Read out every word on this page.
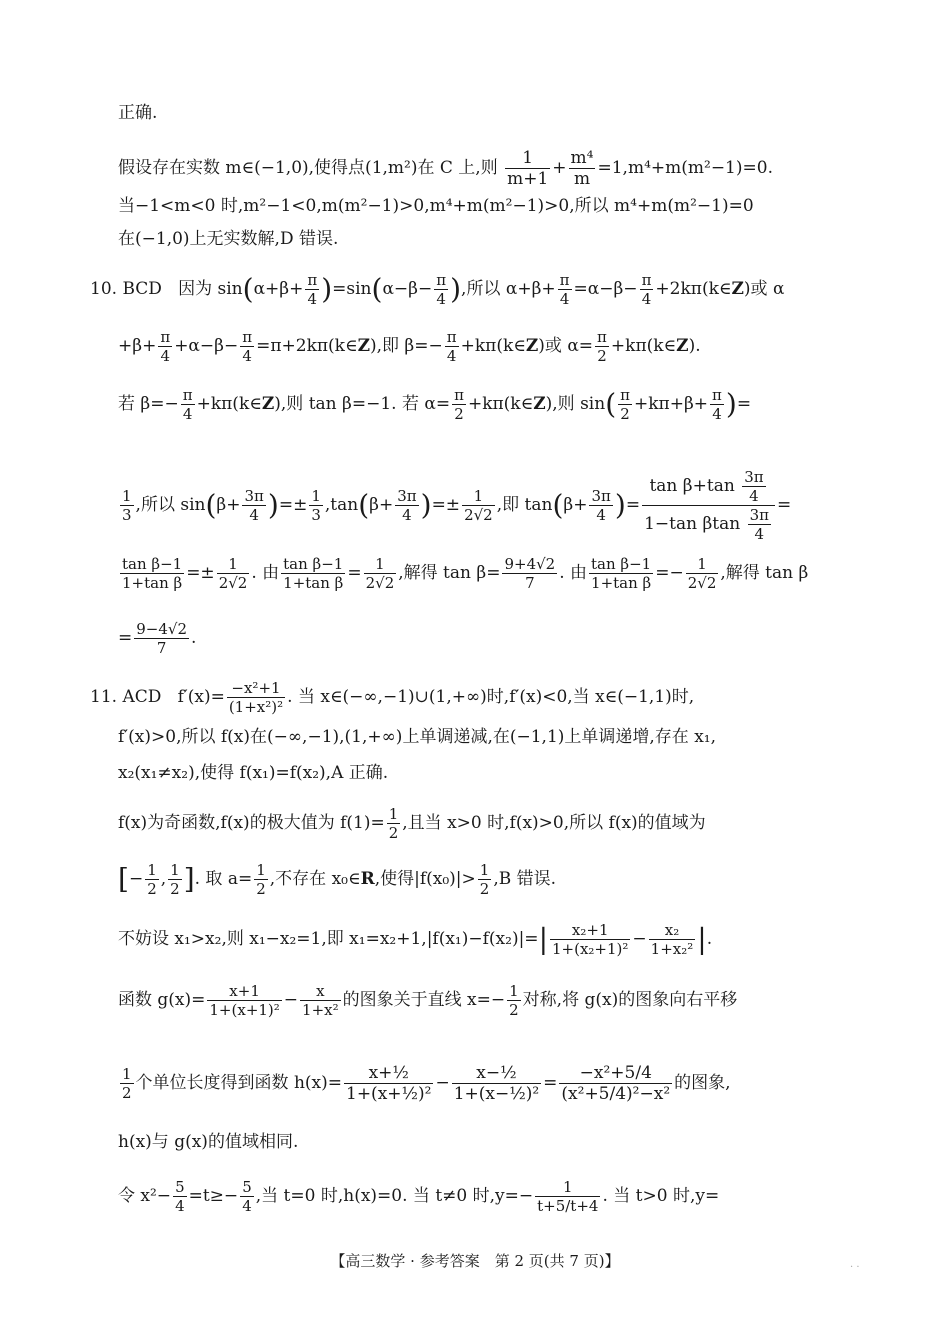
正确.
假设存在实数 m∈(−1,0),使得点(1,m²)在 C 上,则 $\frac{1}{m+1} + \frac{\text{m⁴}}{m} =1,m^4+m(m^2-1)=0$.
当−1<m<0 时,m²−1<0,m(m²−1)>0,m⁴+m(m²−1)>0,所以 m⁴+m(m²−1)=0
在(−1,0)上无实数解,D 错误.
10. BCD 因为 $\sin(\alpha+\beta+ \frac{\pi}{4} )=\sin(\alpha-\beta- \frac{\pi}{4}$ ),所以 $\alpha+\beta+ \frac{\pi}{4} =\alpha-\beta- \frac{\pi}{4}$ +2kπ(k∈Z)或 α
$+\beta+ \frac{\pi}{4} +\alpha-\beta- \frac{\pi}{4}$ =π+2kπ(k∈Z),即 $\beta=- \frac{\pi}{4}$ +kπ(k∈Z)或 $\alpha= \frac{\pi}{2}$ +kπ(k∈Z).
若 $\beta=- \frac{\pi}{4}$ +kπ(k∈Z),则 tan β=−1. 若 $\alpha= \frac{\pi}{2}$ +kπ(k∈Z),则 $\sin( \frac{\pi}{2} +k\pi+\beta+ \frac{\pi}{4}$ )=
$\frac{1}{3}$ ,所以 $\sin(\beta+ \frac{3\pi}{4}$ )=± $\frac{1}{3} ,\tan(\beta+ \frac{3\pi}{4}$ )=± $\frac{1}{2√2}$ ,即 $\tan(\beta+ \frac{3\pi}{4}$ )= $\frac{\tan \beta+\tan \frac{3\pi}{4}}{1-\tan \beta\tan \frac{3\pi}{4}}$ =
$\frac{\text{tan β−1}}{\text{1+tan β}} =\pm \frac{1}{2√2}$ . 由 $\frac{\text{tan β−1}}{\text{1+tan β}} = \frac{1}{2√2}$ ,解得 $\tan \beta= \frac{9+4√2}{7}$ . 由 $\frac{\text{tan β−1}}{\text{1+tan β}} =- \frac{1}{2√2}$ ,解得 tan β
= $\frac{9-4√2}{7}$ .
11. ACD $f'(x)= \frac{\text{−x²+1}}{\text{(1+x²)²}}$ . 当 x∈(−∞,−1)∪(1,+∞)时,f′(x)<0,当 x∈(−1,1)时,
f′(x)>0,所以 f(x)在(−∞,−1),(1,+∞)上单调递减,在(−1,1)上单调递增,存在 x₁,
x₂(x₁≠x₂),使得 f(x₁)=f(x₂),A 正确.
f(x)为奇函数,f(x)的极大值为 $f(1)= \frac{1}{2}$ ,且当 x>0 时,f(x)>0,所以 f(x)的值域为
[− $\frac{1}{2}$ , $\frac{1}{2}$ ]. 取 $a= \frac{1}{2}$ ,不存在 x₀∈R,使得$|f(x_0)|> \frac{1}{2} ,B$ 错误.
不妨设 x₁>x₂,则 x₁−x₂=1,即 $x_1=x_2+1,|f(x_1)-f(x_2)|=| \frac{\text{x₂+1}}{\text{1+(x₂+1)²}} - \frac{\text{x₂}}{\text{1+x₂²}}$ |.
函数 $g(x)= \frac{x+1}{\text{1+(x+1)²}} - \frac{x}{\text{1+x²}}$ 的图象关于直线 $x=- \frac{1}{2}$ 对称,将 g(x)的图象向右平移
$\frac{1}{2}$ 个单位长度得到函数 $h(x)= \frac{\text{x+½}}{\text{1+(x+½)²}} - \frac{\text{x−½}}{\text{1+(x−½)²}} = \frac{\text{−x²+5/4}}{\text{(x²+5/4)²−x²}}$ 的图象,
h(x)与 g(x)的值域相同.
令 $x^2- \frac{5}{4} =t\ge- \frac{5}{4}$ ,当 t=0 时,h(x)=0. 当 t≠0 时$,y=- \frac{1}{t+5/t+4}$ . 当 t>0 时,y=
【高三数学 · 参考答案　第 2 页(共 7 页)】	· ·
